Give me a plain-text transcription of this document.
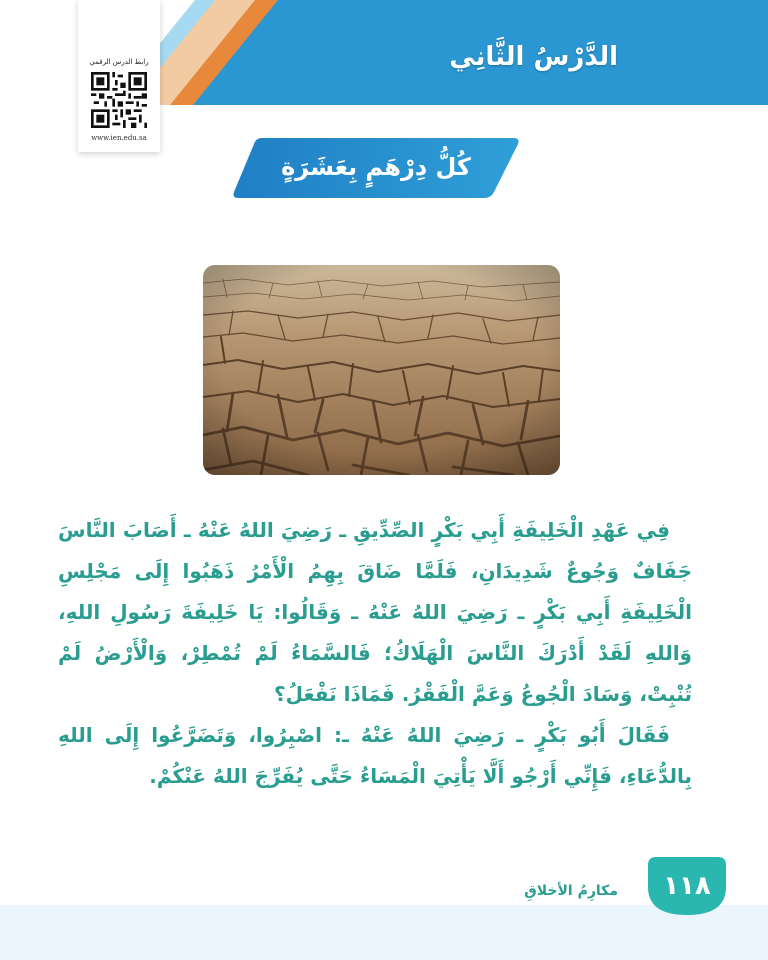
الدَّرْسُ الثَّانِي
رابط الدرس الرقمي
www.ien.edu.sa
كُلُّ دِرْهَمٍ بِعَشَرَةٍ

فِي عَهْدِ الْخَلِيفَةِ أَبِي بَكْرٍ الصِّدِّيقِ ـ رَضِيَ اللهُ عَنْهُ ـ أَصَابَ النَّاسَ جَفَافٌ وَجُوعٌ شَدِيدَانِ، فَلَمَّا ضَاقَ بِهِمُ الْأَمْرُ ذَهَبُوا إِلَى مَجْلِسِ الْخَلِيفَةِ أَبِي بَكْرٍ ـ رَضِيَ اللهُ عَنْهُ ـ وَقَالُوا: يَا خَلِيفَةَ رَسُولِ اللهِ، وَاللهِ لَقَدْ أَدْرَكَ النَّاسَ الْهَلَاكُ؛ فَالسَّمَاءُ لَمْ تُمْطِرْ، وَالْأَرْضُ لَمْ تُنْبِتْ، وَسَادَ الْجُوعُ وَعَمَّ الْفَقْرُ. فَمَاذَا نَفْعَلُ؟

فَقَالَ أَبُو بَكْرٍ ـ رَضِيَ اللهُ عَنْهُ ـ: اصْبِرُوا، وَتَضَرَّعُوا إِلَى اللهِ بِالدُّعَاءِ، فَإِنِّي أَرْجُو أَلَّا يَأْتِيَ الْمَسَاءُ حَتَّى يُفَرِّجَ اللهُ عَنْكُمْ.

مكارِمُ الأخلاقِ	١١٨
